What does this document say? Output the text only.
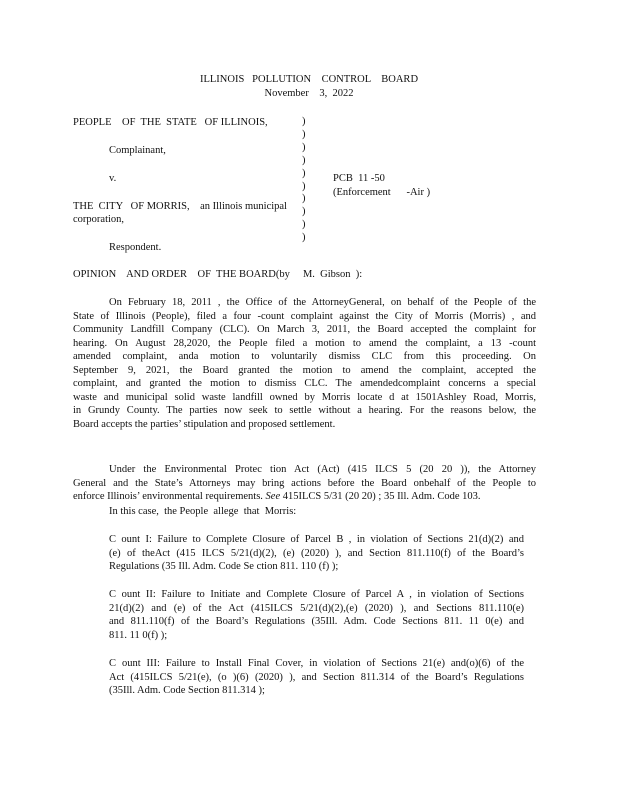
ILLINOIS   POLLUTION    CONTROL    BOARD
November    3,  2022
PEOPLE    OF  THE  STATE   OF ILLINOIS,
Complainant,
v.	PCB  11 -50
(Enforcement      -Air )
THE  CITY   OF MORRIS,    an Illinois municipal
corporation,
Respondent.
)
)
)
)
)
)
)
)
)
)
OPINION    AND ORDER    OF  THE BOARD(by     M.  Gibson  ):
On February 18, 2011 , the Office of the AttorneyGeneral, on behalf of the People of the
State of Illinois (People), filed a four -count complaint against the City of Morris (Morris) , and
Community Landfill Company (CLC). On March 3, 2011, the Board accepted the complaint for
hearing. On August 28,2020, the People filed a motion to amend the complaint, a 13 -count
amended complaint, anda motion to voluntarily dismiss CLC from this proceeding. On
September 9, 2021, the Board granted the motion to amend the complaint, accepted the
complaint, and granted the motion to dismiss CLC. The amendedcomplaint concerns a special
waste and municipal solid waste landfill owned by Morris locate d at 1501Ashley Road, Morris,
in Grundy County. The parties now seek to settle without a hearing. For the reasons below, the
Board accepts the parties’ stipulation and proposed settlement.
Under the Environmental Protec tion Act (Act) (415 ILCS 5 (20 20 )), the Attorney
General and the State’s Attorneys may bring actions before the Board onbehalf of the People to
enforce Illinois’ environmental requirements. See 415ILCS 5/31 (20 20) ; 35 Ill. Adm. Code 103.
In this case,  the People  allege  that  Morris:
C ount I: Failure to Complete Closure of Parcel B , in violation of Sections 21(d)(2) and
(e) of theAct (415 ILCS 5/21(d)(2), (e) (2020) ), and Section 811.110(f) of the Board’s
Regulations (35 Ill. Adm. Code Se ction 811. 110 (f) );
C ount II: Failure to Initiate and Complete Closure of Parcel A , in violation of Sections
21(d)(2) and (e) of the Act (415ILCS 5/21(d)(2),(e) (2020) ), and Sections 811.110(e)
and 811.110(f) of the Board’s Regulations (35Ill. Adm. Code Sections 811. 11 0(e) and
811. 11 0(f) );
C ount III: Failure to Install Final Cover, in violation of Sections 21(e) and(o)(6) of the
Act (415ILCS 5/21(e), (o )(6) (2020) ), and Section 811.314 of the Board’s Regulations
(35Ill. Adm. Code Section 811.314 );
